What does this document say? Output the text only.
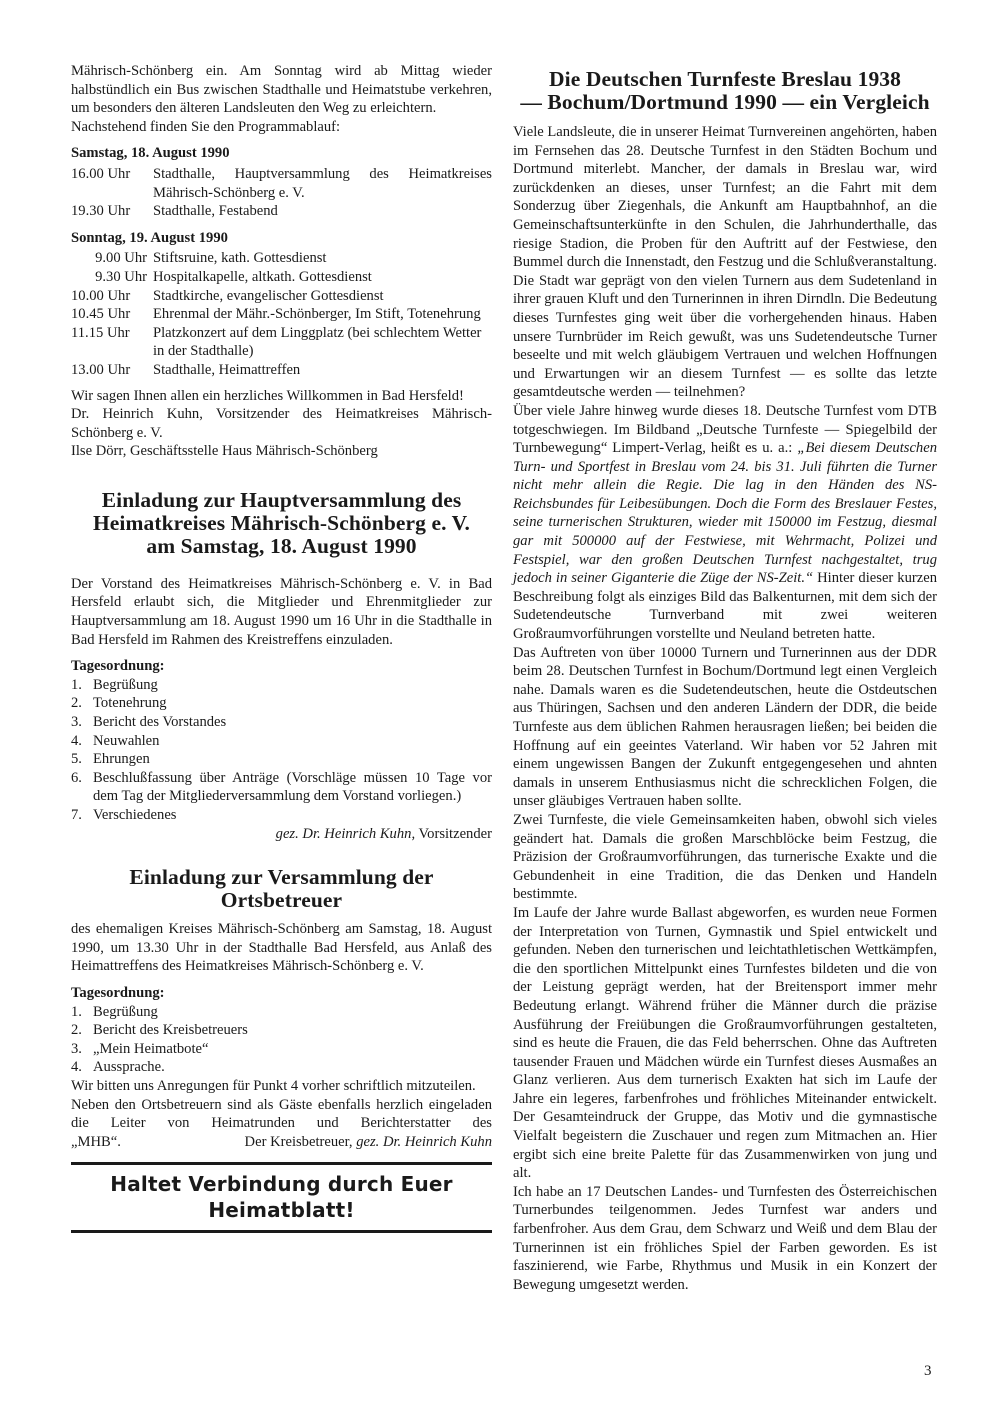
Mährisch-Schönberg ein. Am Sonntag wird ab Mittag wieder halbstündlich ein Bus zwischen Stadthalle und Heimatstube verkehren, um besonders den älteren Landsleuten den Weg zu erleichtern.

Nachstehend finden Sie den Programmablauf:

Samstag, 18. August 1990
16.00 Uhr	Stadthalle, Hauptversammlung des Heimatkreises Mährisch-Schönberg e. V.
19.30 Uhr	Stadthalle, Festabend
Sonntag, 19. August 1990
9.00 Uhr Stiftsruine, kath. Gottesdienst
9.30 Uhr Hospitalkapelle, altkath. Gottesdienst
10.00 Uhr	Stadtkirche, evangelischer Gottesdienst
10.45 Uhr	Ehrenmal der Mähr.-Schönberger, Im Stift, Totenehrung
11.15 Uhr	Platzkonzert auf dem Linggplatz (bei schlechtem Wetter in der Stadthalle)
13.00 Uhr	Stadthalle, Heimattreffen

Wir sagen Ihnen allen ein herzliches Willkommen in Bad Hersfeld!

Dr. Heinrich Kuhn, Vorsitzender des Heimatkreises Mährisch-Schönberg e. V.

Ilse Dörr, Geschäftsstelle Haus Mährisch-Schönberg

Einladung zur Hauptversammlung des
Heimatkreises Mährisch-Schönberg e. V.
am Samstag, 18. August 1990

Der Vorstand des Heimatkreises Mährisch-Schönberg e. V. in Bad Hersfeld erlaubt sich, die Mitglieder und Ehrenmitglieder zur Hauptversammlung am 18. August 1990 um 16 Uhr in die Stadthalle in Bad Hersfeld im Rahmen des Kreistreffens einzuladen.

Tagesordnung:
1. Begrüßung
2. Totenehrung
3. Bericht des Vorstandes
4. Neuwahlen
5. Ehrungen
6. Beschlußfassung über Anträge (Vorschläge müssen 10 Tage vor dem Tag der Mitgliederversammlung dem Vorstand vorliegen.)
7. Verschiedenes
gez. Dr. Heinrich Kuhn, Vorsitzender
Einladung zur Versammlung der Ortsbetreuer

des ehemaligen Kreises Mährisch-Schönberg am Samstag, 18. August 1990, um 13.30 Uhr in der Stadthalle Bad Hersfeld, aus Anlaß des Heimattreffens des Heimatkreises Mährisch-Schönberg e. V.

Tagesordnung:
1. Begrüßung
2. Bericht des Kreisbetreuers
3. „Mein Heimatbote“
4. Aussprache.

Wir bitten uns Anregungen für Punkt 4 vorher schriftlich mitzuteilen.

Neben den Ortsbetreuern sind als Gäste ebenfalls herzlich eingeladen die Leiter von Heimatrunden und Berichterstatter des

„MHB“.	Der Kreisbetreuer, gez. Dr. Heinrich Kuhn
Haltet Verbindung durch Euer Heimatblatt!
Die Deutschen Turnfeste Breslau 1938
— Bochum/Dortmund 1990 — ein Vergleich

Viele Landsleute, die in unserer Heimat Turnvereinen angehörten, haben im Fernsehen das 28. Deutsche Turnfest in den Städten Bochum und Dortmund miterlebt. Mancher, der damals in Breslau war, wird zurückdenken an dieses, unser Turnfest; an die Fahrt mit dem Sonderzug über Ziegenhals, die Ankunft am Hauptbahnhof, an die Gemeinschaftsunterkünfte in den Schulen, die Jahrhunderthalle, das riesige Stadion, die Proben für den Auftritt auf der Festwiese, den Bummel durch die Innenstadt, den Festzug und die Schlußveranstaltung. Die Stadt war geprägt von den vielen Turnern aus dem Sudetenland in ihrer grauen Kluft und den Turnerinnen in ihren Dirndln. Die Bedeutung dieses Turnfestes ging weit über die vorhergehenden hinaus. Haben unsere Turnbrüder im Reich gewußt, was uns Sudetendeutsche Turner beseelte und mit welch gläubigem Vertrauen und welchen Hoffnungen und Erwartungen wir an diesem Turnfest — es sollte das letzte gesamtdeutsche werden — teilnehmen?

Über viele Jahre hinweg wurde dieses 18. Deutsche Turnfest vom DTB totgeschwiegen. Im Bildband „Deutsche Turnfeste — Spiegelbild der Turnbewegung“ Limpert-Verlag, heißt es u. a.: „Bei diesem Deutschen Turn- und Sportfest in Breslau vom 24. bis 31. Juli führten die Turner nicht mehr allein die Regie. Die lag in den Händen des NS-Reichsbundes für Leibesübungen. Doch die Form des Breslauer Festes, seine turnerischen Strukturen, wieder mit 150000 im Festzug, diesmal gar mit 500000 auf der Festwiese, mit Wehrmacht, Polizei und Festspiel, war den großen Deutschen Turnfest nachgestaltet, trug jedoch in seiner Giganterie die Züge der NS-Zeit.“ Hinter dieser kurzen Beschreibung folgt als einziges Bild das Balkenturnen, mit dem sich der Sudetendeutsche Turnverband mit zwei weiteren Großraumvorführungen vorstellte und Neuland betreten hatte.

Das Auftreten von über 10000 Turnern und Turnerinnen aus der DDR beim 28. Deutschen Turnfest in Bochum/Dortmund legt einen Vergleich nahe. Damals waren es die Sudetendeutschen, heute die Ostdeutschen aus Thüringen, Sachsen und den anderen Ländern der DDR, die beide Turnfeste aus dem üblichen Rahmen herausragen ließen; bei beiden die Hoffnung auf ein geeintes Vaterland. Wir haben vor 52 Jahren mit einem ungewissen Bangen der Zukunft entgegengesehen und ahnten damals in unserem Enthusiasmus nicht die schrecklichen Folgen, die unser gläubiges Vertrauen haben sollte.

Zwei Turnfeste, die viele Gemeinsamkeiten haben, obwohl sich vieles geändert hat. Damals die großen Marschblöcke beim Festzug, die Präzision der Großraumvorführungen, das turnerische Exakte und die Gebundenheit in eine Tradition, die das Denken und Handeln bestimmte.

Im Laufe der Jahre wurde Ballast abgeworfen, es wurden neue Formen der Interpretation von Turnen, Gymnastik und Spiel entwickelt und gefunden. Neben den turnerischen und leichtathletischen Wettkämpfen, die den sportlichen Mittelpunkt eines Turnfestes bildeten und die von der Leistung geprägt werden, hat der Breitensport immer mehr Bedeutung erlangt. Während früher die Männer durch die präzise Ausführung der Freiübungen die Großraumvorführungen gestalteten, sind es heute die Frauen, die das Feld beherrschen. Ohne das Auftreten tausender Frauen und Mädchen würde ein Turnfest dieses Ausmaßes an Glanz verlieren. Aus dem turnerisch Exakten hat sich im Laufe der Jahre ein legeres, farbenfrohes und fröhliches Miteinander entwickelt. Der Gesamteindruck der Gruppe, das Motiv und die gymnastische Vielfalt begeistern die Zuschauer und regen zum Mitmachen an. Hier ergibt sich eine breite Palette für das Zusammenwirken von jung und alt.

Ich habe an 17 Deutschen Landes- und Turnfesten des Österreichischen Turnerbundes teilgenommen. Jedes Turnfest war anders und farbenfroher. Aus dem Grau, dem Schwarz und Weiß und dem Blau der Turnerinnen ist ein fröhliches Spiel der Farben geworden. Es ist faszinierend, wie Farbe, Rhythmus und Musik in ein Konzert der Bewegung umgesetzt werden.

3
